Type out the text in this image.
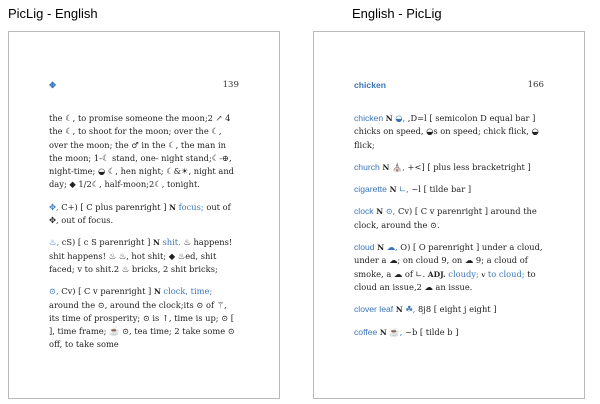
PicLig - English
✥	139

the ☾, to promise someone the moon;2 ↗ 4 the ☾, to shoot for the moon; over the ☾, over the moon; the ♂ in the ☾, the man in the moon; 1-☾ stand, one- night stand;☾-⊕, night-time; ◒ ☾, hen night; ☾&☀, night and day; ◆ 1/2☾, half-moon;2☾, tonight.

✥, C+) [ C plus parenright ] N focus; out of ✥, out of focus.

♨, cS) [ c S parenright ] N shit. ♨ happens! shit happens! ♨ ♨, hot shit; ◆ ♨ed, shit faced; v to shit.2 ♨ bricks, 2 shit bricks;

⊙, Cv) [ C v parenright ] N clock, time; around the ⊙, around the clock;its ⊙ of ⚚, its time of prosperity; ⊙ is ↑, time is up; ⊙ [ ], time frame; ☕ ⊙, tea time; 2 take some ⊙ off, to take some

English - PicLig
chicken	166

chicken N ◒, ,D=l [ semicolon D equal bar ] chicks on speed, ◒s on speed; chick flick, ◒ flick;

church N ⛪, +<] [ plus less bracketright ]

cigarette N ∟, ~l [ tilde bar ]

clock N ⊙, Cv) [ C v parenright ] around the clock, around the ⊙.

cloud N ☁, O) [ O parenright ] under a cloud, under a ☁; on cloud 9, on ☁ 9; a cloud of smoke, a ☁ of ∟. ADJ. cloudy; v to cloud; to cloud an issue,2 ☁ an issue.

clover leaf N ☘, 8j8 [ eight j eight ]

coffee N ☕, ~b [ tilde b ]
